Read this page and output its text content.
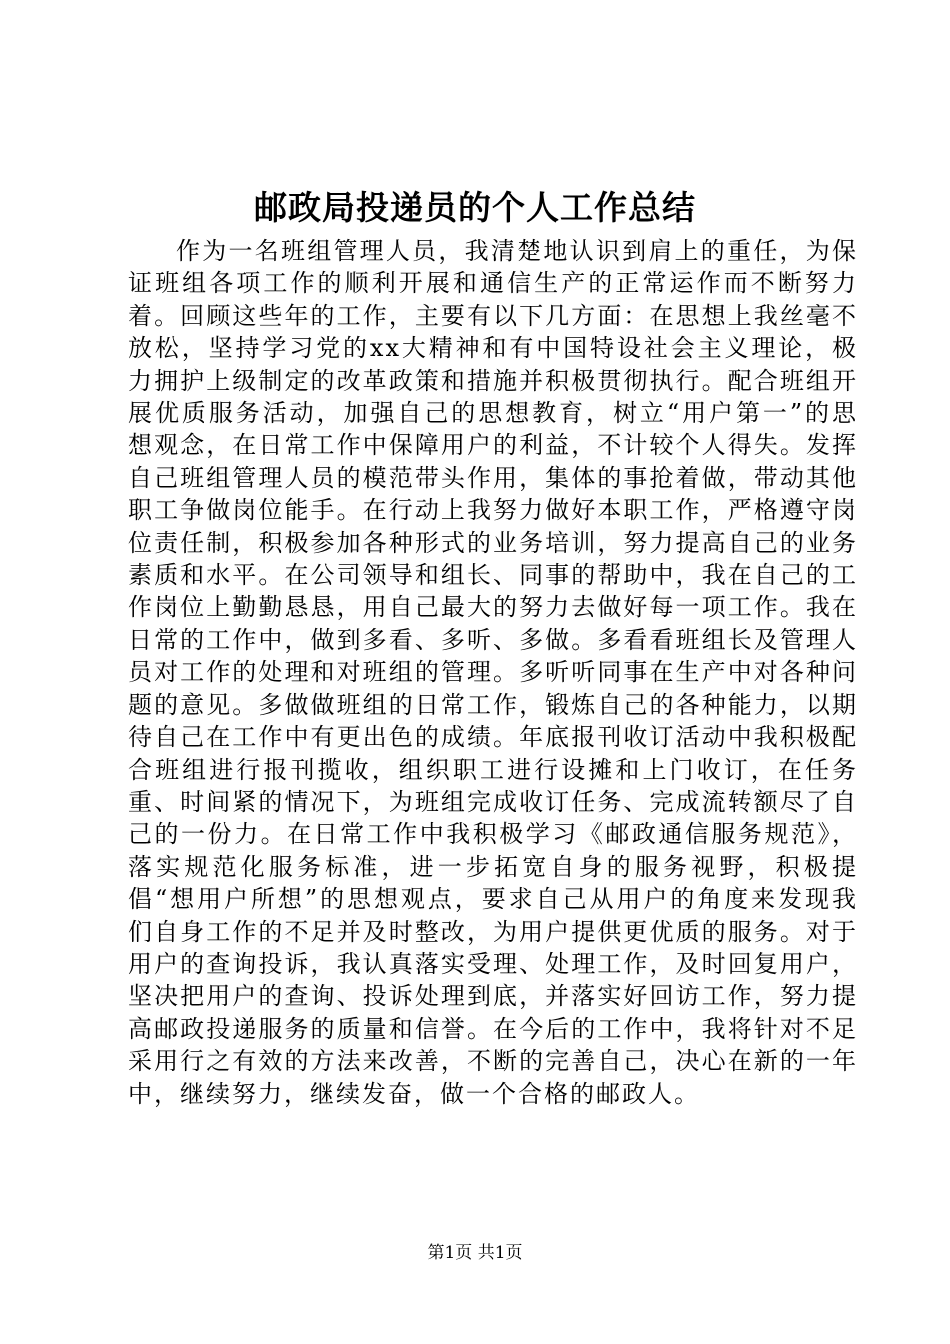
邮政局投递员的个人工作总结

作为一名班组管理人员，我清楚地认识到肩上的重任，为保证班组各项工作的顺利开展和通信生产的正常运作而不断努力着。回顾这些年的工作，主要有以下几方面：在思想上我丝毫不放松，坚持学习党的xx大精神和有中国特设社会主义理论，极力拥护上级制定的改革政策和措施并积极贯彻执行。配合班组开展优质服务活动，加强自己的思想教育，树立“用户第一”的思想观念，在日常工作中保障用户的利益，不计较个人得失。发挥自己班组管理人员的模范带头作用，集体的事抢着做，带动其他职工争做岗位能手。在行动上我努力做好本职工作，严格遵守岗位责任制，积极参加各种形式的业务培训，努力提高自己的业务素质和水平。在公司领导和组长、同事的帮助中，我在自己的工作岗位上勤勤恳恳，用自己最大的努力去做好每一项工作。我在日常的工作中，做到多看、多听、多做。多看看班组长及管理人员对工作的处理和对班组的管理。多听听同事在生产中对各种问题的意见。多做做班组的日常工作，锻炼自己的各种能力，以期待自己在工作中有更出色的成绩。年底报刊收订活动中我积极配合班组进行报刊揽收，组织职工进行设摊和上门收订，在任务重、时间紧的情况下，为班组完成收订任务、完成流转额尽了自己的一份力。在日常工作中我积极学习《邮政通信服务规范》，落实规范化服务标准，进一步拓宽自身的服务视野，积极提倡“想用户所想”的思想观点，要求自己从用户的角度来发现我们自身工作的不足并及时整改，为用户提供更优质的服务。对于用户的查询投诉，我认真落实受理、处理工作，及时回复用户，坚决把用户的查询、投诉处理到底，并落实好回访工作，努力提高邮政投递服务的质量和信誉。在今后的工作中，我将针对不足采用行之有效的方法来改善，不断的完善自己，决心在新的一年中，继续努力，继续发奋，做一个合格的邮政人。

第1页 共1页
